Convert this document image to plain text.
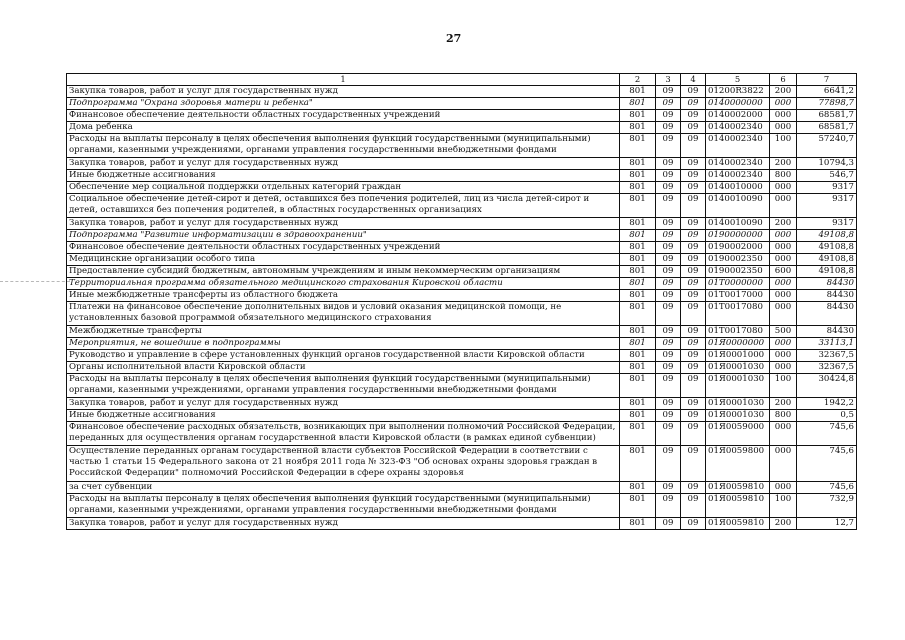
27
1	2	3	4	5	6	7
Закупка товаров, работ и услуг для государственных нужд	801	09	09	01200R3822	200	6641,2
Подпрограмма "Охрана здоровья матери и ребенка"	801	09	09	0140000000	000	77898,7
Финансовое обеспечение деятельности областных государственных учреждений	801	09	09	0140002000	000	68581,7
Дома ребенка	801	09	09	0140002340	000	68581,7
Расходы на выплаты персоналу в целях обеспечения выполнения функций государственными (муниципальными) органами, казенными учреждениями, органами управления государственными внебюджетными фондами	801	09	09	0140002340	100	57240,7
Закупка товаров, работ и услуг для государственных нужд	801	09	09	0140002340	200	10794,3
Иные бюджетные ассигнования	801	09	09	0140002340	800	546,7
Обеспечение мер социальной поддержки отдельных категорий граждан	801	09	09	0140010000	000	9317
Социальное обеспечение детей-сирот и детей, оставшихся без попечения родителей, лиц из числа детей-сирот и детей, оставшихся без попечения родителей, в областных государственных организациях	801	09	09	0140010090	000	9317
Закупка товаров, работ и услуг для государственных нужд	801	09	09	0140010090	200	9317
Подпрограмма "Развитие информатизации в здравоохранении"	801	09	09	0190000000	000	49108,8
Финансовое обеспечение деятельности областных государственных учреждений	801	09	09	0190002000	000	49108,8
Медицинские организации особого типа	801	09	09	0190002350	000	49108,8
Предоставление субсидий бюджетным, автономным учреждениям и иным некоммерческим организациям	801	09	09	0190002350	600	49108,8
Территориальная программа обязательного медицинского страхования Кировской области	801	09	09	01T0000000	000	84430
Иные межбюджетные трансферты из областного бюджета	801	09	09	01T0017000	000	84430
Платежи на финансовое обеспечение дополнительных видов и условий оказания медицинской помощи, не установленных базовой программой обязательного медицинского страхования	801	09	09	01T0017080	000	84430
Межбюджетные трансферты	801	09	09	01T0017080	500	84430
Мероприятия, не вошедшие в подпрограммы	801	09	09	01Я0000000	000	33113,1
Руководство и управление в сфере установленных функций органов государственной власти Кировской области	801	09	09	01Я0001000	000	32367,5
Органы исполнительной власти Кировской области	801	09	09	01Я0001030	000	32367,5
Расходы на выплаты персоналу в целях обеспечения выполнения функций государственными (муниципальными) органами, казенными учреждениями, органами управления государственными внебюджетными фондами	801	09	09	01Я0001030	100	30424,8
Закупка товаров, работ и услуг для государственных нужд	801	09	09	01Я0001030	200	1942,2
Иные бюджетные ассигнования	801	09	09	01Я0001030	800	0,5
Финансовое обеспечение расходных обязательств, возникающих при выполнении полномочий Российской Федерации, переданных для осуществления органам государственной власти Кировской области (в рамках единой субвенции)	801	09	09	01Я0059000	000	745,6
Осуществление переданных органам государственной власти субъектов Российской Федерации в соответствии с частью 1 статьи 15 Федерального закона от 21 ноября 2011 года № 323-ФЗ "Об основах охраны здоровья граждан в Российской Федерации" полномочий Российской Федерации в сфере охраны здоровья	801	09	09	01Я0059800	000	745,6
за счет субвенции	801	09	09	01Я0059810	000	745,6
Расходы на выплаты персоналу в целях обеспечения выполнения функций государственными (муниципальными) органами, казенными учреждениями, органами управления государственными внебюджетными фондами	801	09	09	01Я0059810	100	732,9
Закупка товаров, работ и услуг для государственных нужд	801	09	09	01Я0059810	200	12,7
